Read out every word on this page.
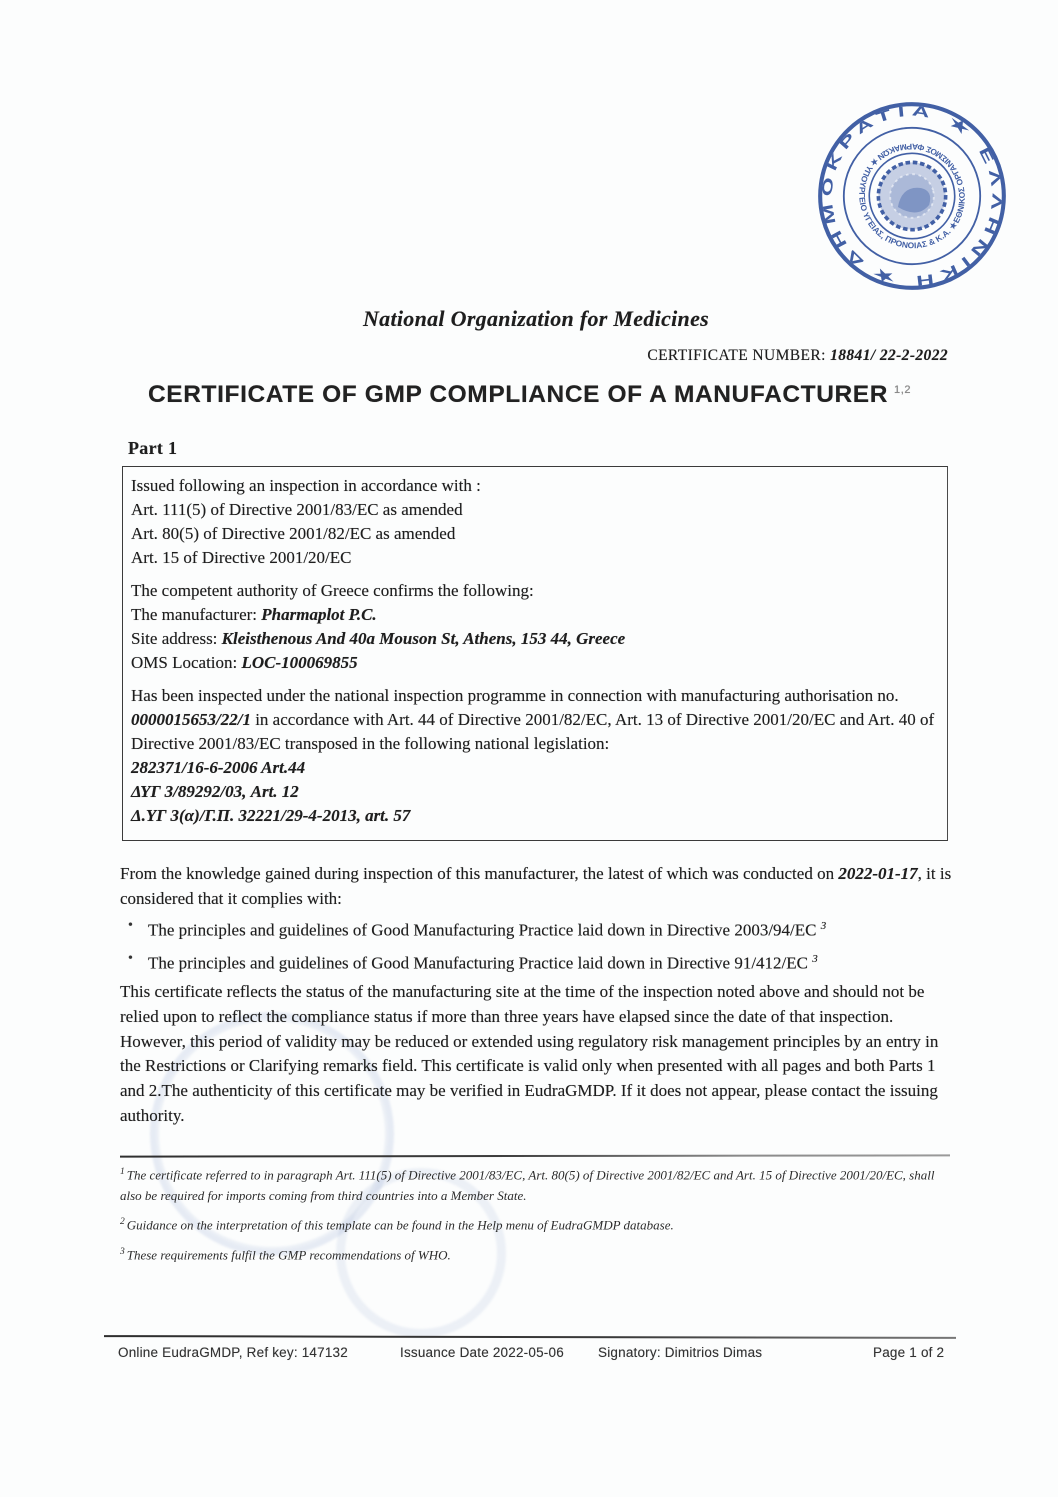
ΔΗΜΟΚΡΑΤΙΑ ★ ΕΛΛΗΝΙΚΗ ★
ΕΘΝΙΚΟΣ ΟΡΓΑΝΙΣΜΟΣ ΦΑΡΜΑΚΩΝ ★ ΥΠΟΥΡΓΕΙΟ ΥΓΕΙΑΣ, ΠΡΟΝΟΙΑΣ & Κ.Α. ★
National Organization for Medicines
CERTIFICATE NUMBER: 18841/ 22-2-2022
CERTIFICATE OF GMP COMPLIANCE OF A MANUFACTURER $^{1,2}$
Part 1
Issued following an inspection in accordance with :
Art. 111(5) of Directive 2001/83/EC as amended
Art. 80(5) of Directive 2001/82/EC as amended
Art. 15 of Directive 2001/20/EC
The competent authority of Greece confirms the following:
The manufacturer: Pharmaplot P.C.
Site address: Kleisthenous And 40a Mouson St, Athens, 153 44, Greece
OMS Location: LOC-100069855
Has been inspected under the national inspection programme in connection with manufacturing authorisation no. 0000015653/22/1 in accordance with Art. 44 of Directive 2001/82/EC, Art. 13 of Directive 2001/20/EC and Art. 40 of Directive 2001/83/EC transposed in the following national legislation:
282371/16-6-2006 Art.44
ΔΥΓ 3/89292/03, Art. 12
Δ.ΥΓ 3(α)/Γ.Π. 32221/29-4-2013, art. 57
From the knowledge gained during inspection of this manufacturer, the latest of which was conducted on 2022-01-17, it is considered that it complies with:
• The principles and guidelines of Good Manufacturing Practice laid down in Directive 2003/94/EC $^3$
• The principles and guidelines of Good Manufacturing Practice laid down in Directive 91/412/EC $^3$
This certificate reflects the status of the manufacturing site at the time of the inspection noted above and should not be relied upon to reflect the compliance status if more than three years have elapsed since the date of that inspection. However, this period of validity may be reduced or extended using regulatory risk management principles by an entry in the Restrictions or Clarifying remarks field. This certificate is valid only when presented with all pages and both Parts 1 and 2.The authenticity of this certificate may be verified in EudraGMDP. If it does not appear, please contact the issuing authority.

$^1$ The certificate referred to in paragraph Art. 111(5) of Directive 2001/83/EC, Art. 80(5) of Directive 2001/82/EC and Art. 15 of Directive 2001/20/EC, shall also be required for imports coming from third countries into a Member State.

$^2$ Guidance on the interpretation of this template can be found in the Help menu of EudraGMDP database.

$^3$ These requirements fulfil the GMP recommendations of WHO.

Online EudraGMDP, Ref key: 147132	Issuance Date 2022-05-06	Signatory: Dimitrios Dimas	Page 1 of 2
